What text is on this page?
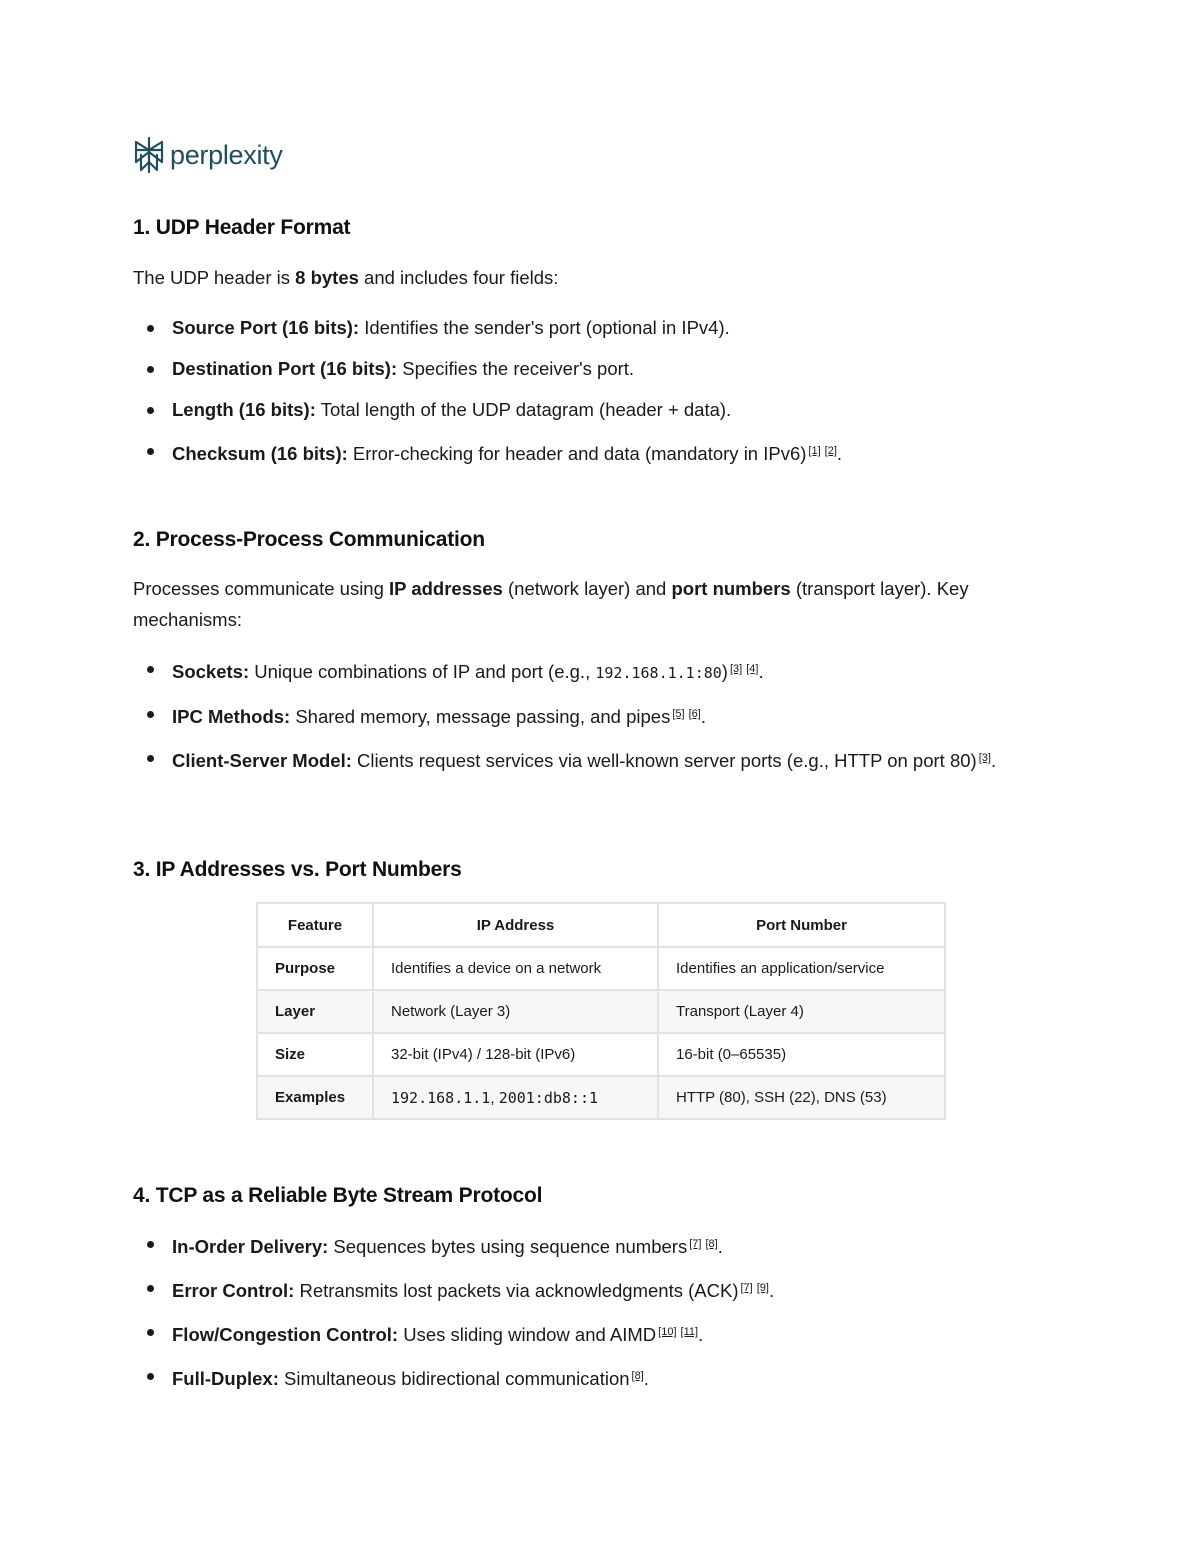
perplexity
1. UDP Header Format

The UDP header is 8 bytes and includes four fields:

Source Port (16 bits): Identifies the sender's port (optional in IPv4).
Destination Port (16 bits): Specifies the receiver's port.
Length (16 bits): Total length of the UDP datagram (header + data).
Checksum (16 bits): Error-checking for header and data (mandatory in IPv6) [1] [2].
2. Process-Process Communication

Processes communicate using IP addresses (network layer) and port numbers (transport layer). Key mechanisms:

Sockets: Unique combinations of IP and port (e.g., 192.168.1.1:80) [3] [4].
IPC Methods: Shared memory, message passing, and pipes [5] [6].
Client-Server Model: Clients request services via well-known server ports (e.g., HTTP on port 80) [3].
3. IP Addresses vs. Port Numbers
Feature	IP Address	Port Number
Purpose	Identifies a device on a network	Identifies an application/service
Layer	Network (Layer 3)	Transport (Layer 4)
Size	32-bit (IPv4) / 128-bit (IPv6)	16-bit (0–65535)
Examples	192.168.1.1, 2001:db8::1	HTTP (80), SSH (22), DNS (53)
4. TCP as a Reliable Byte Stream Protocol
In-Order Delivery: Sequences bytes using sequence numbers [7] [8].
Error Control: Retransmits lost packets via acknowledgments (ACK) [7] [9].
Flow/Congestion Control: Uses sliding window and AIMD [10] [11].
Full-Duplex: Simultaneous bidirectional communication [8].
